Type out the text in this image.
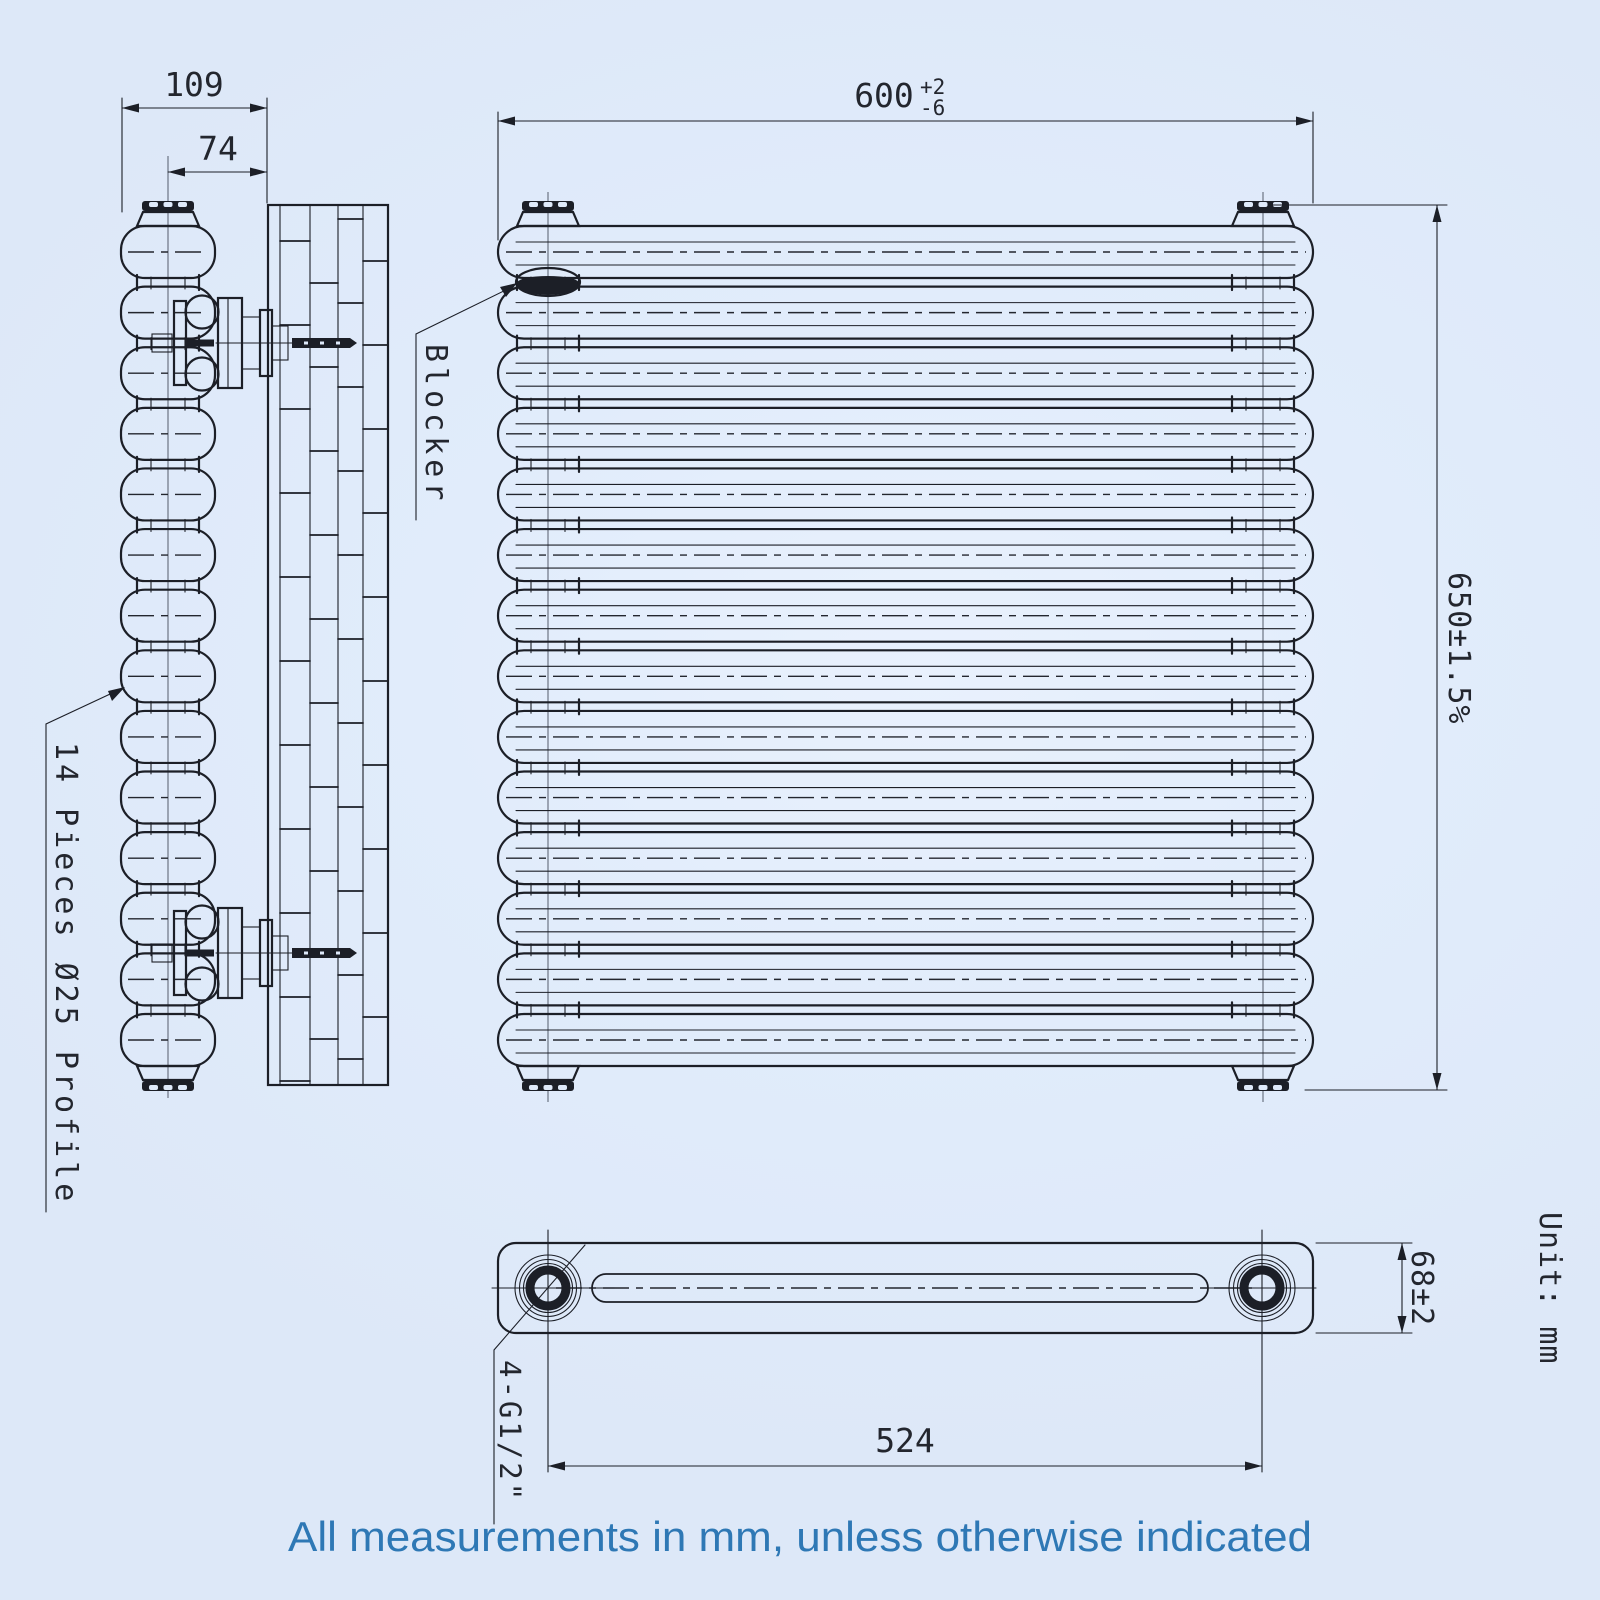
109
74
600 +2
-6
650±1.5%
68±2
524
Blocker
14 Pieces Ø25 Profile
4-G1/2"
Unit: mm
All measurements in mm, unless otherwise indicated
